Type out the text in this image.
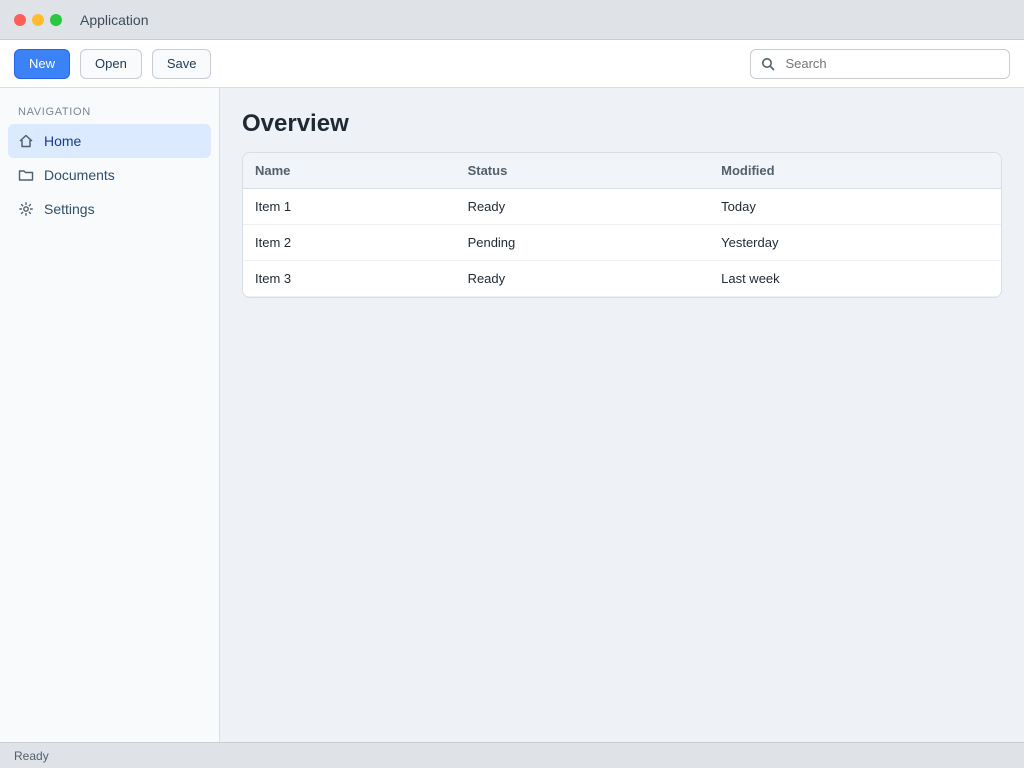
Application
New	Open	Save
Search
NAVIGATION
Home
Documents
Settings
Overview
Name	Status	Modified
Item 1	Ready	Today
Item 2	Pending	Yesterday
Item 3	Ready	Last week
Ready
